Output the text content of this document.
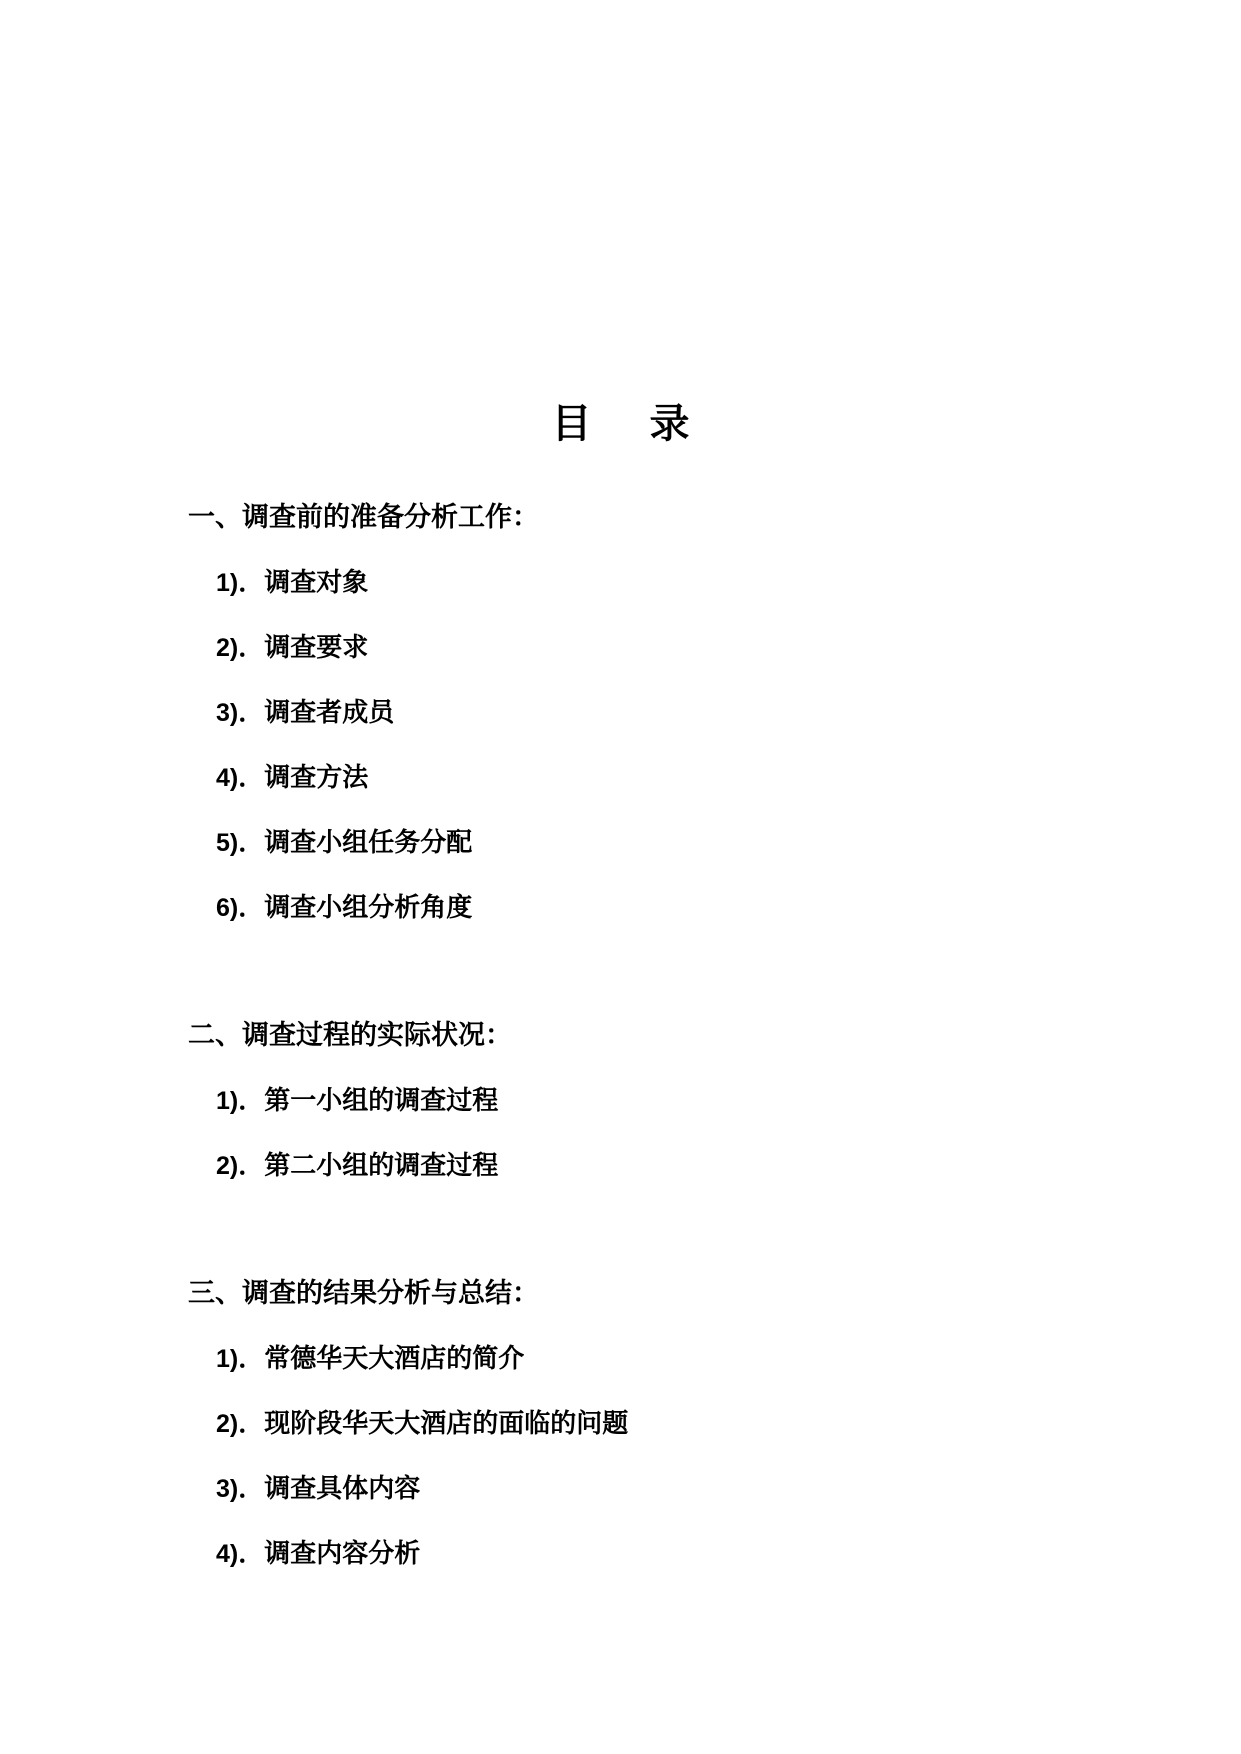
目 录
一、调查前的准备分析工作：
1)．调查对象
2)．调查要求
3)．调查者成员
4)．调查方法
5)．调查小组任务分配
6)．调查小组分析角度
二、调查过程的实际状况：
1)．第一小组的调查过程
2)．第二小组的调查过程
三、调查的结果分析与总结：
1)．常德华天大酒店的简介
2)．现阶段华天大酒店的面临的问题
3)．调查具体内容
4)．调查内容分析
